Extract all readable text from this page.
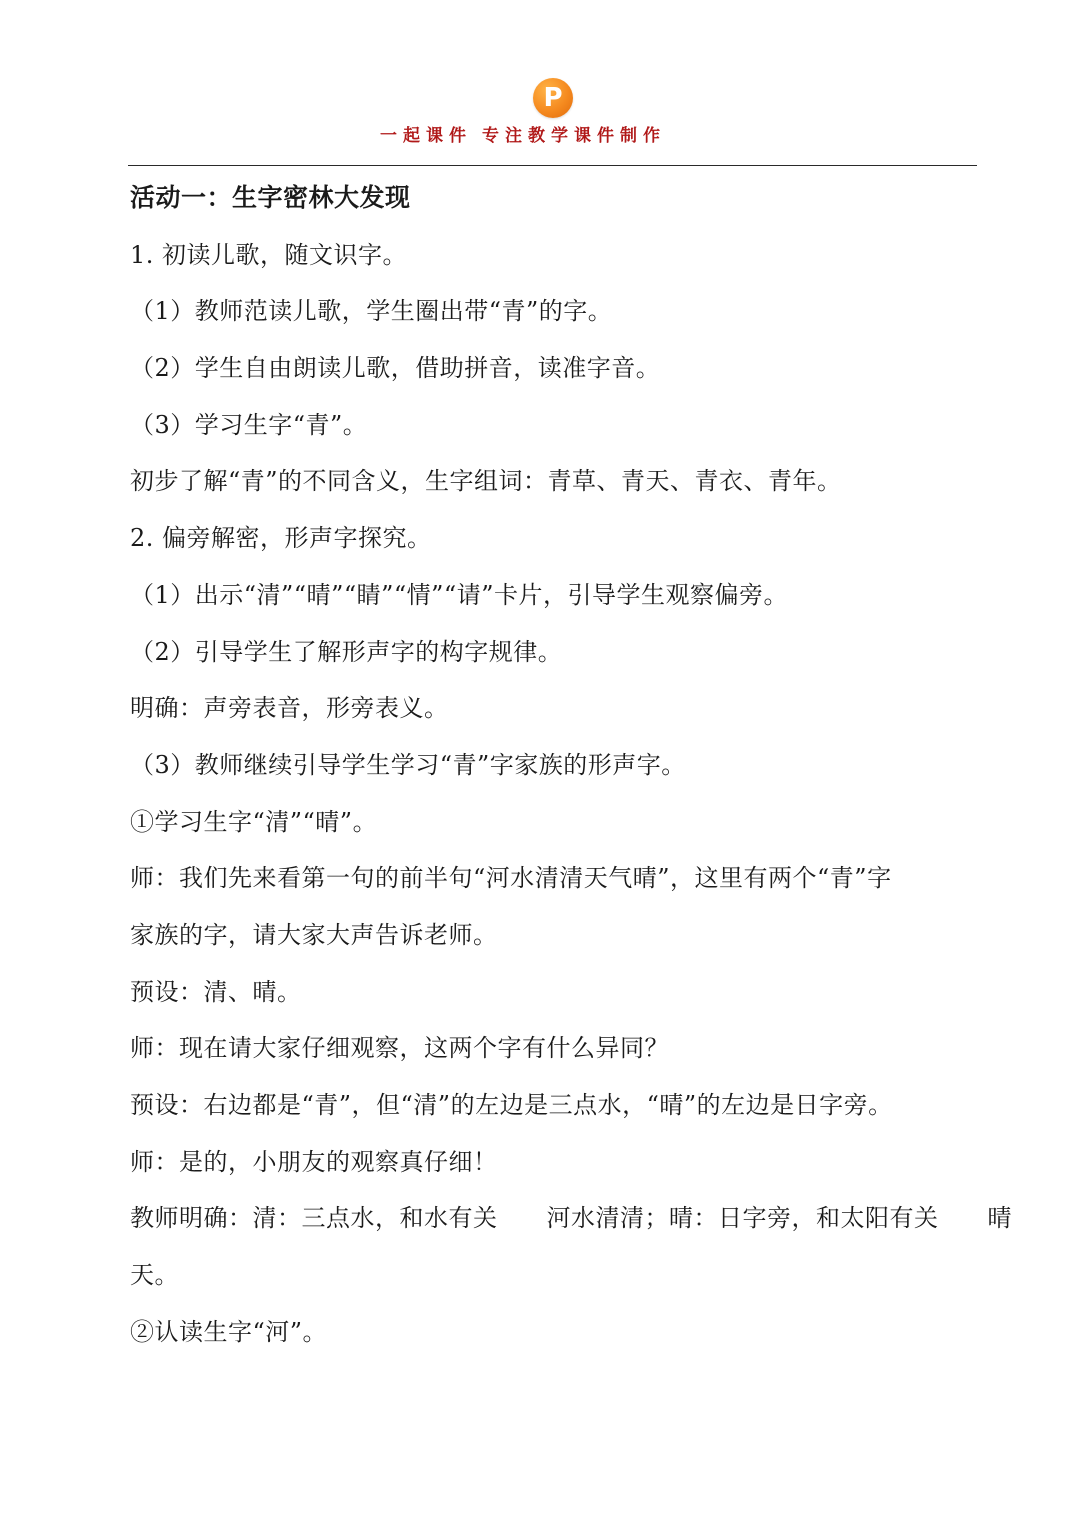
P
一起课件 专注教学课件制作
活动一：生字密林大发现
1. 初读儿歌，随文识字。
（1）教师范读儿歌，学生圈出带“青”的字。
（2）学生自由朗读儿歌，借助拼音，读准字音。
（3）学习生字“青”。
初步了解“青”的不同含义，生字组词：青草、青天、青衣、青年。
2. 偏旁解密，形声字探究。
（1）出示“清”“晴”“睛”“情”“请”卡片，引导学生观察偏旁。
（2）引导学生了解形声字的构字规律。
明确：声旁表音，形旁表义。
（3）教师继续引导学生学习“青”字家族的形声字。
①学习生字“清”“晴”。
师：我们先来看第一句的前半句“河水清清天气晴”，这里有两个“青”字
家族的字，请大家大声告诉老师。
预设：清、晴。
师：现在请大家仔细观察，这两个字有什么异同？
预设：右边都是“青”，但“清”的左边是三点水，“晴”的左边是日字旁。
师：是的，小朋友的观察真仔细！
教师明确：清：三点水，和水有关　　河水清清；晴：日字旁，和太阳有关　　晴
天。
②认读生字“河”。
